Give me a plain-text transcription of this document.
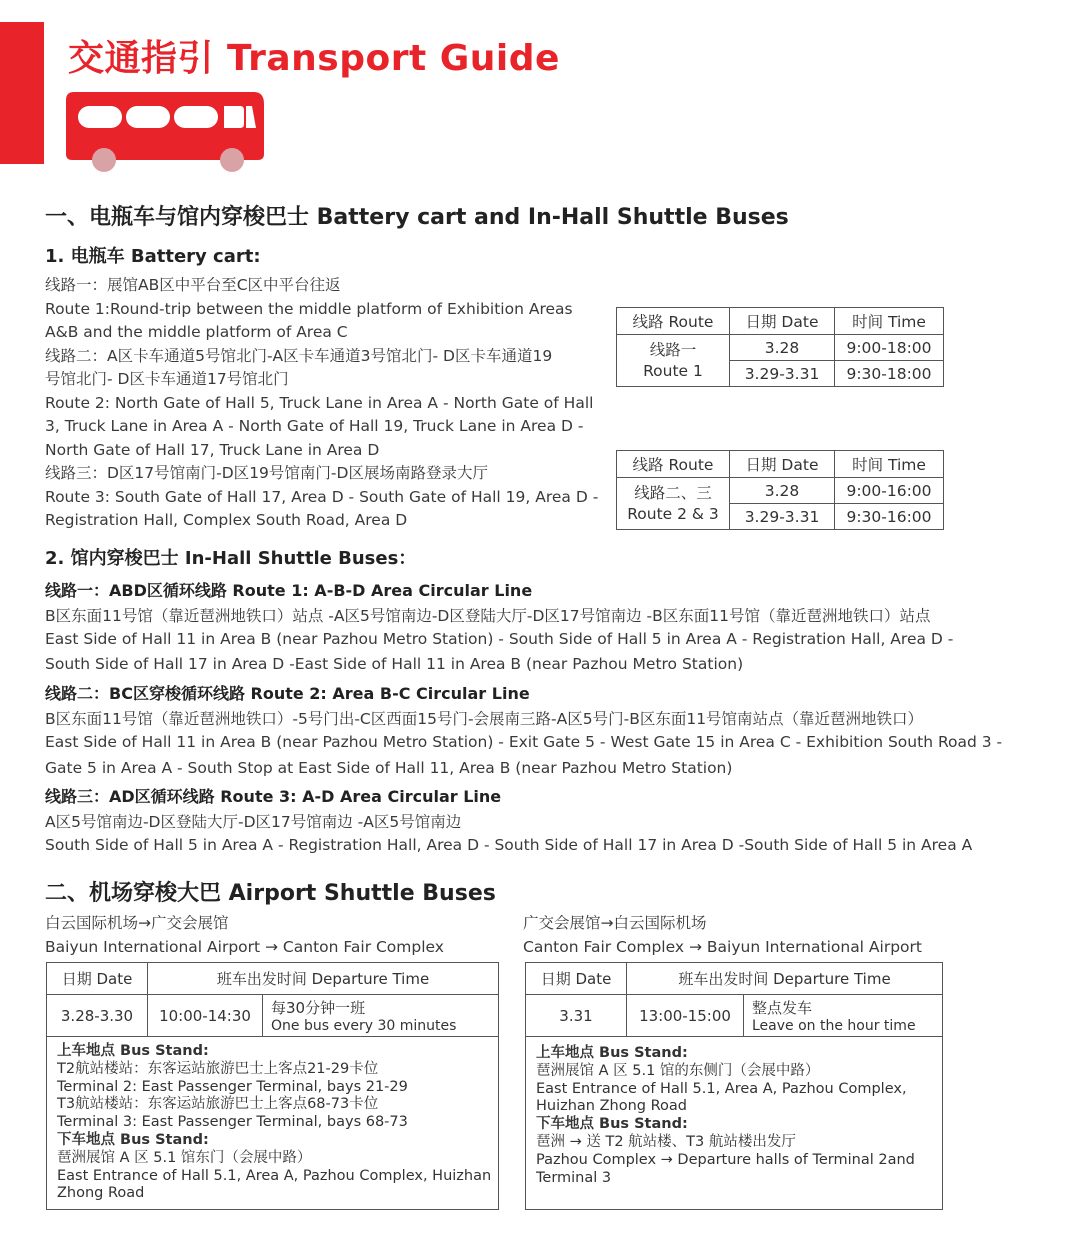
交通指引 Transport Guide
一、电瓶车与馆内穿梭巴士 Battery cart and In-Hall Shuttle Buses
1. 电瓶车 Battery cart:
线路一：展馆AB区中平台至C区中平台往返
Route 1:Round-trip between the middle platform of Exhibition Areas
A&B and the middle platform of Area C
线路二：A区卡车通道5号馆北门-A区卡车通道3号馆北门- D区卡车通道19
号馆北门- D区卡车通道17号馆北门
Route 2: North Gate of Hall 5, Truck Lane in Area A - North Gate of Hall
3, Truck Lane in Area A - North Gate of Hall 19, Truck Lane in Area D -
North Gate of Hall 17, Truck Lane in Area D
线路三：D区17号馆南门-D区19号馆南门-D区展场南路登录大厅
Route 3: South Gate of Hall 17, Area D - South Gate of Hall 19, Area D -
Registration Hall, Complex South Road, Area D
线路 Route	日期 Date	时间 Time

线路一
Route 1	3.28	9:00-18:00
	3.29-3.31	9:30-18:00
线路 Route	日期 Date	时间 Time

线路二、三
Route 2 & 3	3.28	9:00-16:00
	3.29-3.31	9:30-16:00
2. 馆内穿梭巴士 In-Hall Shuttle Buses：
线路一：ABD区循环线路 Route 1: A-B-D Area Circular Line
B区东面11号馆（靠近琶洲地铁口）站点 -A区5号馆南边-D区登陆大厅-D区17号馆南边 -B区东面11号馆（靠近琶洲地铁口）站点
East Side of Hall 11 in Area B (near Pazhou Metro Station) - South Side of Hall 5 in Area A - Registration Hall, Area D -
South Side of Hall 17 in Area D -East Side of Hall 11 in Area B (near Pazhou Metro Station)
线路二：BC区穿梭循环线路 Route 2: Area B-C Circular Line
B区东面11号馆（靠近琶洲地铁口）-5号门出-C区西面15号门-会展南三路-A区5号门-B区东面11号馆南站点（靠近琶洲地铁口）
East Side of Hall 11 in Area B (near Pazhou Metro Station) - Exit Gate 5 - West Gate 15 in Area C - Exhibition South Road 3 -
Gate 5 in Area A - South Stop at East Side of Hall 11, Area B (near Pazhou Metro Station)
线路三：AD区循环线路 Route 3: A-D Area Circular Line
A区5号馆南边-D区登陆大厅-D区17号馆南边 -A区5号馆南边
South Side of Hall 5 in Area A - Registration Hall, Area D - South Side of Hall 17 in Area D -South Side of Hall 5 in Area A
二、机场穿梭大巴 Airport Shuttle Buses
白云国际机场→广交会展馆
Baiyun International Airport → Canton Fair Complex
广交会展馆→白云国际机场
Canton Fair Complex → Baiyun International Airport
日期 Date	班车出发时间 Departure Time
3.28-3.30	10:00-14:30	每30分钟一班
One bus every 30 minutes
上车地点 Bus Stand:
T2航站楼站：东客运站旅游巴士上客点21-29卡位
Terminal 2: East Passenger Terminal, bays 21-29
T3航站楼站：东客运站旅游巴士上客点68-73卡位
Terminal 3: East Passenger Terminal, bays 68-73
下车地点 Bus Stand:
琶洲展馆 A 区 5.1 馆东门（会展中路）
East Entrance of Hall 5.1, Area A, Pazhou Complex, Huizhan
Zhong Road
日期 Date	班车出发时间 Departure Time
3.31	13:00-15:00	整点发车
Leave on the hour time
上车地点 Bus Stand:
琶洲展馆 A 区 5.1 馆的东侧门（会展中路）
East Entrance of Hall 5.1, Area A, Pazhou Complex,
Huizhan Zhong Road
下车地点 Bus Stand:
琶洲 → 送 T2 航站楼、T3 航站楼出发厅
Pazhou Complex → Departure halls of Terminal 2and
Terminal 3
